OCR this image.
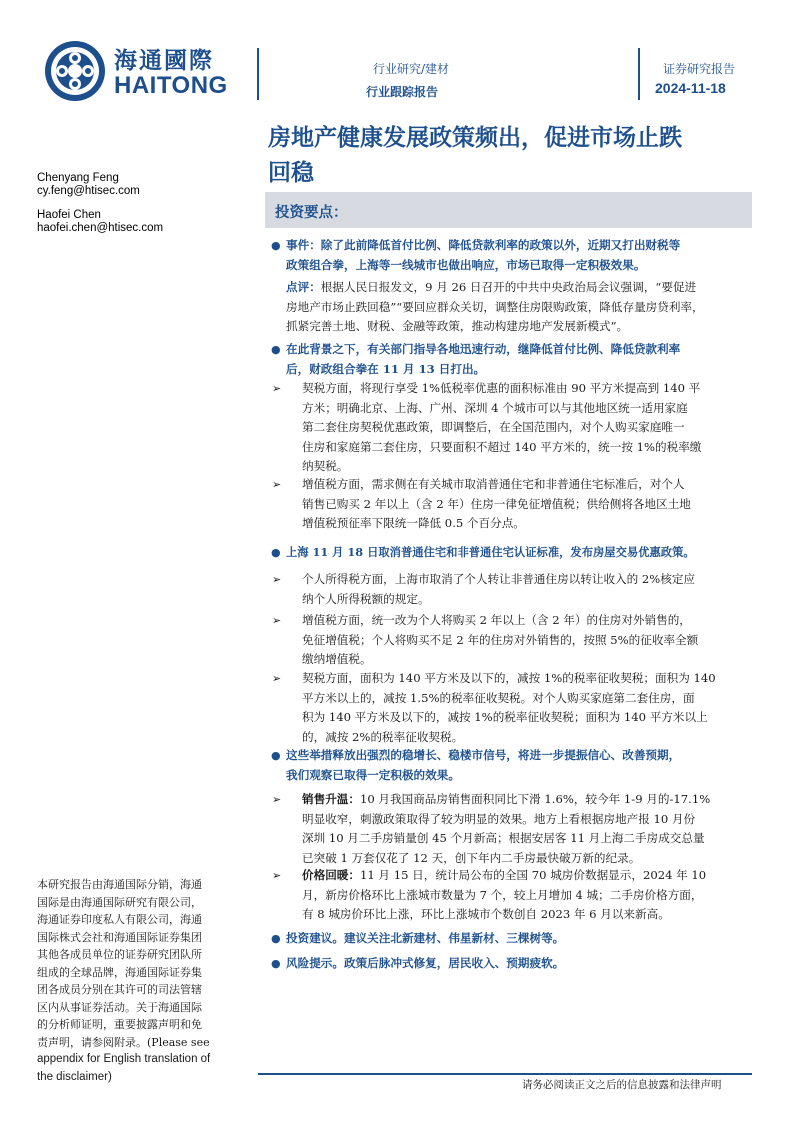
海通國際
HAITONG
行业研究/建材
行业跟踪报告
证券研究报告
2024-11-18
房地产健康发展政策频出，促进市场止跌
回稳
Chenyang Feng
cy.feng@htisec.com
Haofei Chen
haofei.chen@htisec.com
投资要点：
● 事件：除了此前降低首付比例、降低贷款利率的政策以外，近期又打出财税等
政策组合拳，上海等一线城市也做出响应，市场已取得一定积极效果。
点评：根据人民日报发文，9 月 26 日召开的中共中央政治局会议强调，“要促进
房地产市场止跌回稳”“要回应群众关切，调整住房限购政策，降低存量房贷利率，
抓紧完善土地、财税、金融等政策，推动构建房地产发展新模式”。
● 在此背景之下，有关部门指导各地迅速行动，继降低首付比例、降低贷款利率
后，财政组合拳在 11 月 13 日打出。
➢ 契税方面，将现行享受 1%低税率优惠的面积标准由 90 平方米提高到 140 平
方米；明确北京、上海、广州、深圳 4 个城市可以与其他地区统一适用家庭
第二套住房契税优惠政策，即调整后，在全国范围内，对个人购买家庭唯一
住房和家庭第二套住房，只要面积不超过 140 平方米的，统一按 1%的税率缴
纳契税。
➢ 增值税方面，需求侧在有关城市取消普通住宅和非普通住宅标准后，对个人
销售已购买 2 年以上（含 2 年）住房一律免征增值税；供给侧将各地区土地
增值税预征率下限统一降低 0.5 个百分点。
● 上海 11 月 18 日取消普通住宅和非普通住宅认证标准，发布房屋交易优惠政策。
➢ 个人所得税方面，上海市取消了个人转让非普通住房以转让收入的 2%核定应
纳个人所得税额的规定。
➢ 增值税方面，统一改为个人将购买 2 年以上（含 2 年）的住房对外销售的，
免征增值税；个人将购买不足 2 年的住房对外销售的，按照 5%的征收率全额
缴纳增值税。
➢ 契税方面，面积为 140 平方米及以下的，减按 1%的税率征收契税；面积为 140
平方米以上的，减按 1.5%的税率征收契税。对个人购买家庭第二套住房，面
积为 140 平方米及以下的，减按 1%的税率征收契税；面积为 140 平方米以上
的，减按 2%的税率征收契税。
● 这些举措释放出强烈的稳增长、稳楼市信号，将进一步提振信心、改善预期，
我们观察已取得一定积极的效果。
➢ 销售升温：10 月我国商品房销售面积同比下滑 1.6%，较今年 1-9 月的-17.1%
明显收窄，刺激政策取得了较为明显的效果。地方上看根据房地产报 10 月份
深圳 10 月二手房销量创 45 个月新高；根据安居客 11 月上海二手房成交总量
已突破 1 万套仅花了 12 天，创下年内二手房最快破万新的纪录。
➢ 价格回暖：11 月 15 日，统计局公布的全国 70 城房价数据显示，2024 年 10
月，新房价格环比上涨城市数量为 7 个，较上月增加 4 城；二手房价格方面，
有 8 城房价环比上涨，环比上涨城市个数创自 2023 年 6 月以来新高。
● 投资建议。建议关注北新建材、伟星新材、三棵树等。
● 风险提示。政策后脉冲式修复，居民收入、预期疲软。
本研究报告由海通国际分销，海通
国际是由海通国际研究有限公司，
海通证券印度私人有限公司，海通
国际株式会社和海通国际证券集团
其他各成员单位的证券研究团队所
组成的全球品牌，海通国际证券集
团各成员分别在其许可的司法管辖
区内从事证券活动。关于海通国际
的分析师证明，重要披露声明和免
责声明，请参阅附录。(Please see
appendix for English translation of
the disclaimer)
请务必阅读正文之后的信息披露和法律声明
